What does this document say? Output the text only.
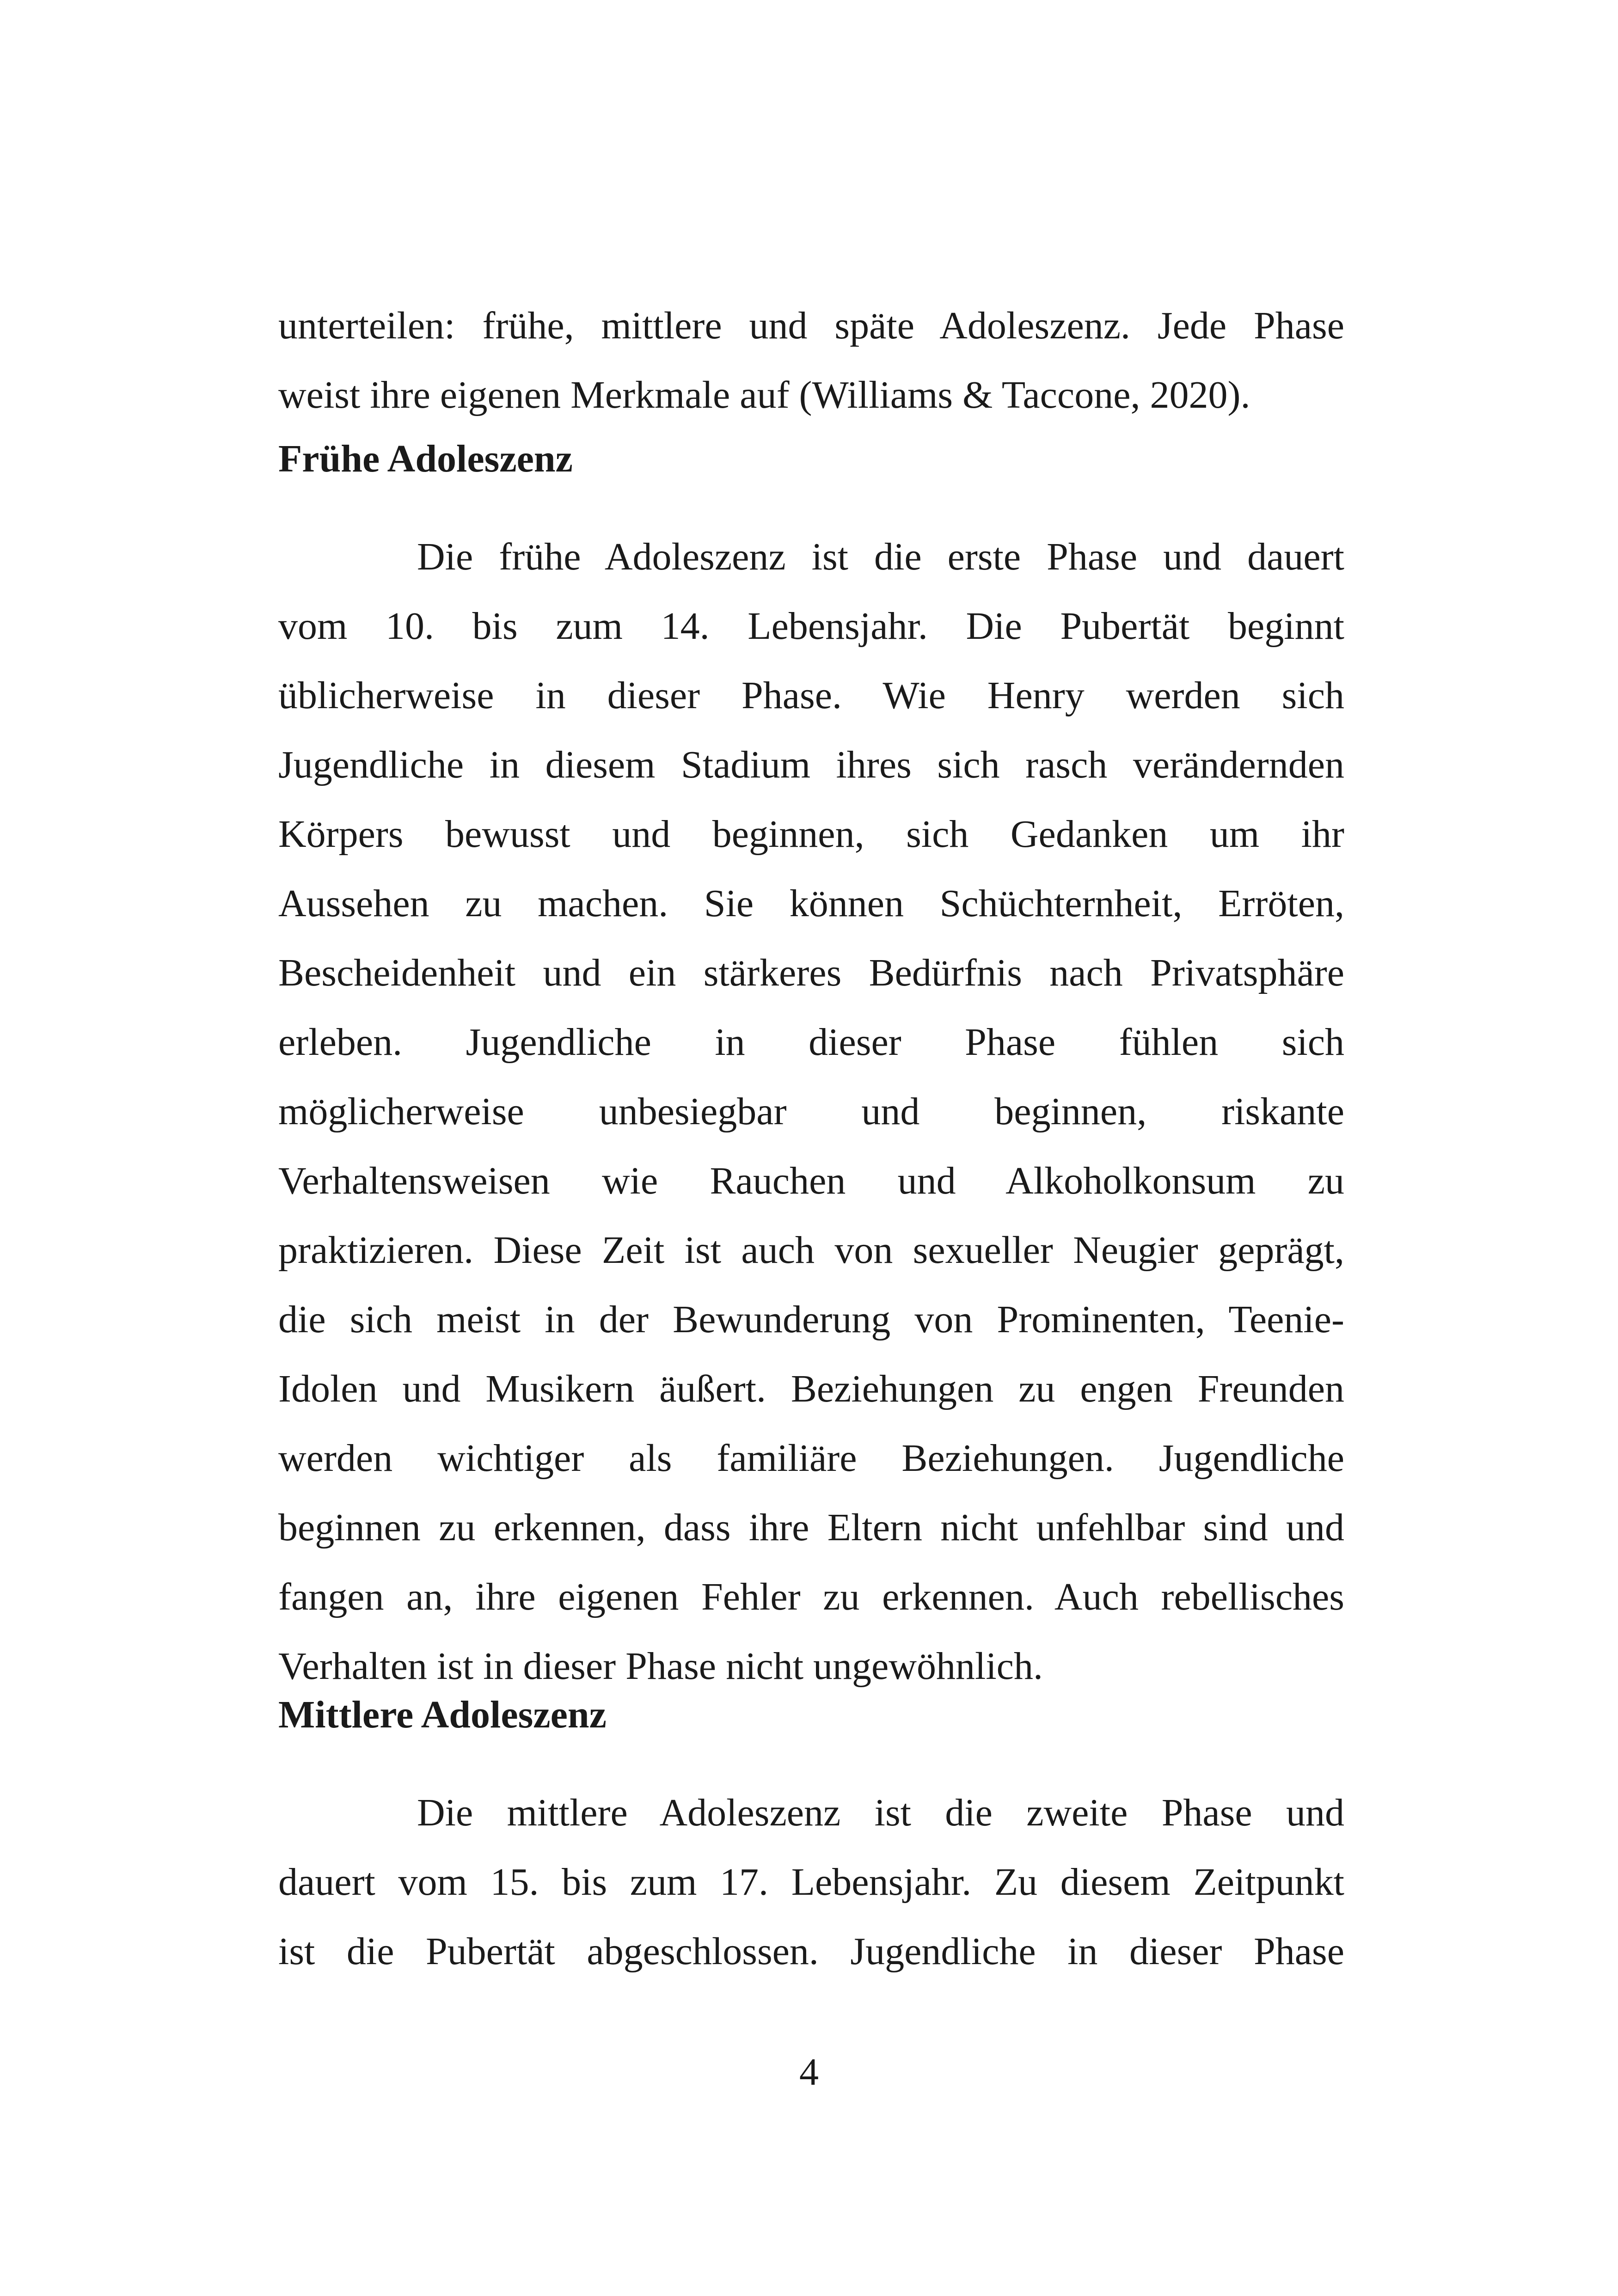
unterteilen: frühe, mittlere und späte Adoleszenz. Jede Phase
weist ihre eigenen Merkmale auf (Williams & Taccone, 2020).
Frühe Adoleszenz
Die frühe Adoleszenz ist die erste Phase und dauert
vom 10. bis zum 14. Lebensjahr. Die Pubertät beginnt
üblicherweise in dieser Phase. Wie Henry werden sich
Jugendliche in diesem Stadium ihres sich rasch verändernden
Körpers bewusst und beginnen, sich Gedanken um ihr
Aussehen zu machen. Sie können Schüchternheit, Erröten,
Bescheidenheit und ein stärkeres Bedürfnis nach Privatsphäre
erleben. Jugendliche in dieser Phase fühlen sich
möglicherweise unbesiegbar und beginnen, riskante
Verhaltensweisen wie Rauchen und Alkoholkonsum zu
praktizieren. Diese Zeit ist auch von sexueller Neugier geprägt,
die sich meist in der Bewunderung von Prominenten, Teenie-
Idolen und Musikern äußert. Beziehungen zu engen Freunden
werden wichtiger als familiäre Beziehungen. Jugendliche
beginnen zu erkennen, dass ihre Eltern nicht unfehlbar sind und
fangen an, ihre eigenen Fehler zu erkennen. Auch rebellisches
Verhalten ist in dieser Phase nicht ungewöhnlich.
Mittlere Adoleszenz
Die mittlere Adoleszenz ist die zweite Phase und
dauert vom 15. bis zum 17. Lebensjahr. Zu diesem Zeitpunkt
ist die Pubertät abgeschlossen. Jugendliche in dieser Phase
4
